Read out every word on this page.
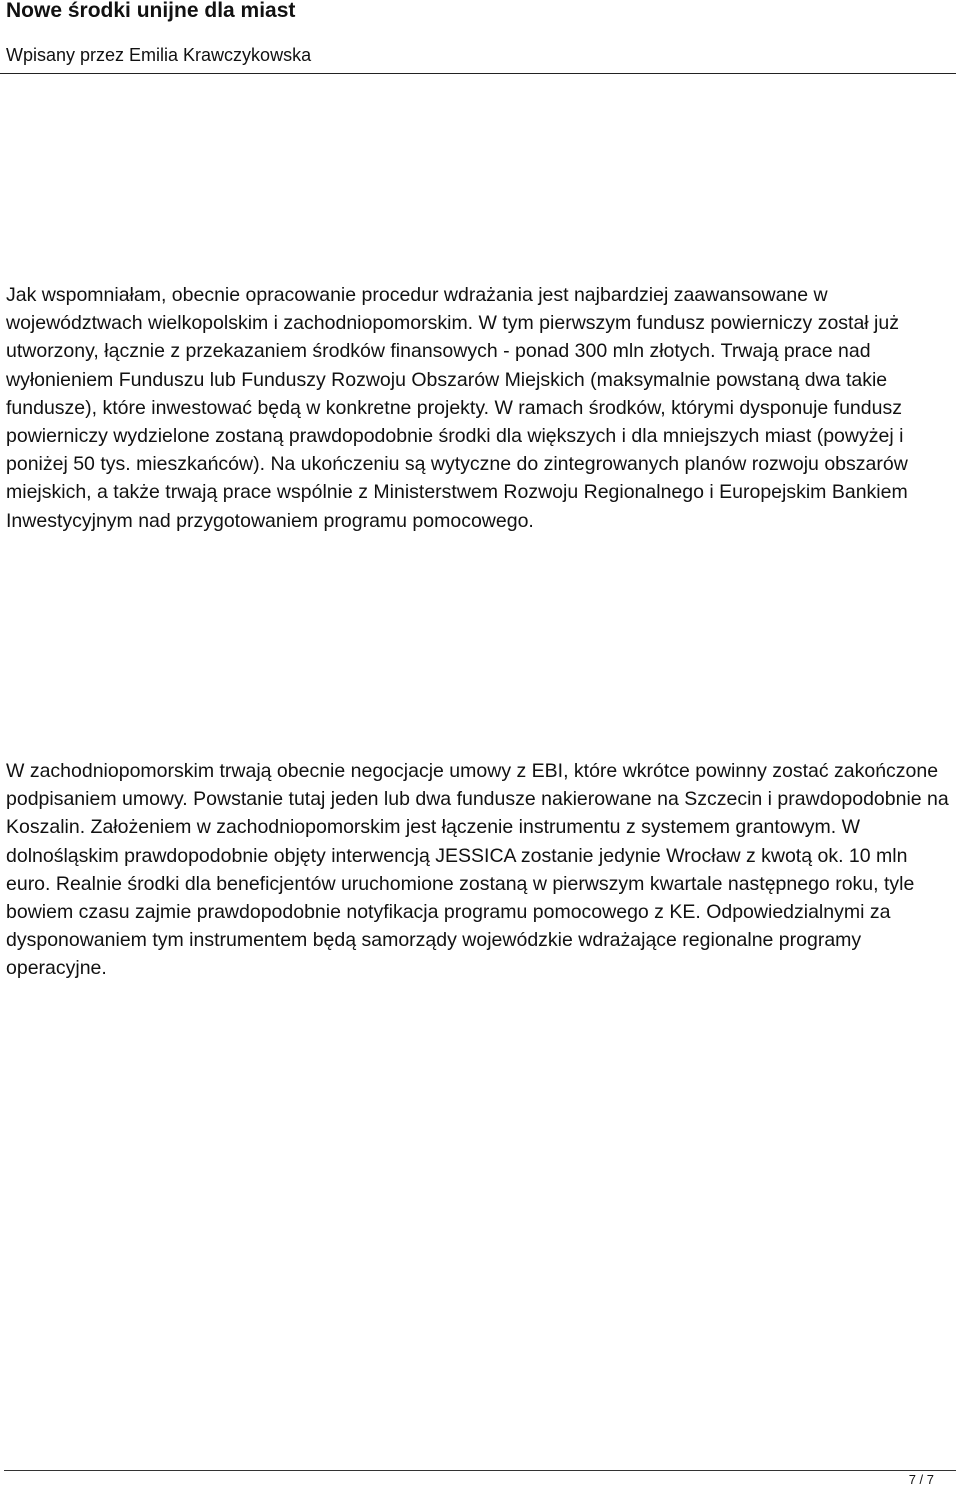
Nowe środki unijne dla miast
Wpisany przez Emilia Krawczykowska

Jak wspomniałam, obecnie opracowanie procedur wdrażania jest najbardziej zaawansowane w województwach wielkopolskim i zachodniopomorskim. W tym pierwszym fundusz powierniczy został już utworzony, łącznie z przekazaniem środków finansowych - ponad 300 mln złotych. Trwają prace nad wyłonieniem Funduszu lub Funduszy Rozwoju Obszarów Miejskich (maksymalnie powstaną dwa takie fundusze), które inwestować będą w konkretne projekty. W ramach środków, którymi dysponuje fundusz powierniczy wydzielone zostaną prawdopodobnie środki dla większych i dla mniejszych miast (powyżej i poniżej 50 tys. mieszkańców). Na ukończeniu są wytyczne do zintegrowanych planów rozwoju obszarów miejskich, a także trwają prace wspólnie z Ministerstwem Rozwoju Regionalnego i Europejskim Bankiem Inwestycyjnym nad przygotowaniem programu pomocowego.

W zachodniopomorskim trwają obecnie negocjacje umowy z EBI, które wkrótce powinny zostać zakończone podpisaniem umowy. Powstanie tutaj jeden lub dwa fundusze nakierowane na Szczecin i prawdopodobnie na Koszalin. Założeniem w zachodniopomorskim jest łączenie instrumentu z systemem grantowym. W dolnośląskim prawdopodobnie objęty interwencją JESSICA zostanie jedynie Wrocław z kwotą ok. 10 mln euro. Realnie środki dla beneficjentów uruchomione zostaną w pierwszym kwartale następnego roku, tyle bowiem czasu zajmie prawdopodobnie notyfikacja programu pomocowego z KE. Odpowiedzialnymi za dysponowaniem tym instrumentem będą samorządy wojewódzkie wdrażające regionalne programy operacyjne.

7 / 7
